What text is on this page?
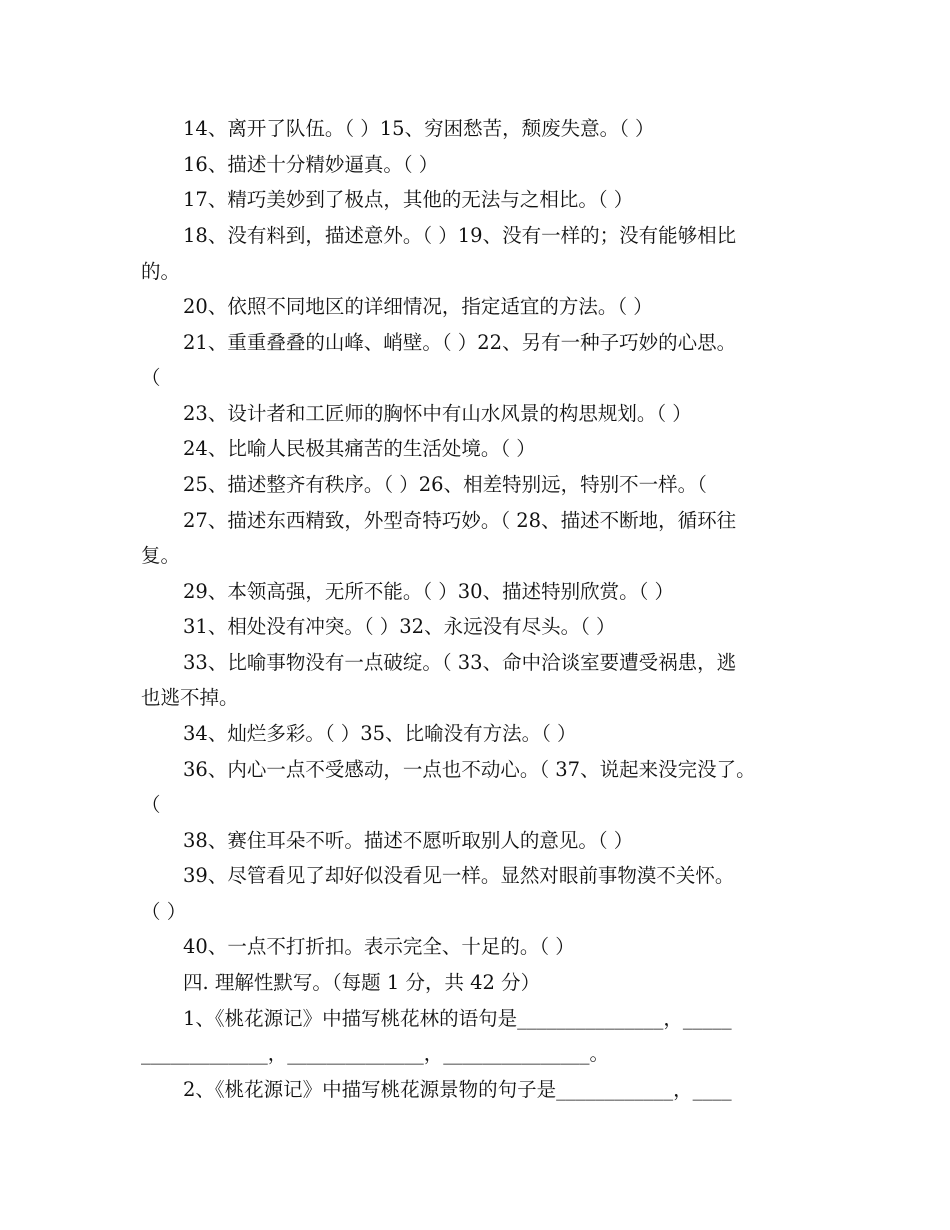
14、离开了队伍。（ ）15、穷困愁苦，颓废失意。（ ）
16、描述十分精妙逼真。（ ）
17、精巧美妙到了极点，其他的无法与之相比。（ ）
18、没有料到，描述意外。（ ）19、没有一样的；没有能够相比
的。
20、依照不同地区的详细情况，指定适宜的方法。（ ）
21、重重叠叠的山峰、峭壁。（ ）22、另有一种子巧妙的心思。
（
23、设计者和工匠师的胸怀中有山水风景的构思规划。（ ）
24、比喻人民极其痛苦的生活处境。（ ）
25、描述整齐有秩序。（ ）26、相差特别远，特别不一样。（
27、描述东西精致，外型奇特巧妙。（ 28、描述不断地，循环往
复。
29、本领高强，无所不能。（ ）30、描述特别欣赏。（ ）
31、相处没有冲突。（ ）32、永远没有尽头。（ ）
33、比喻事物没有一点破绽。（ 33、命中洽谈室要遭受祸患，逃
也逃不掉。
34、灿烂多彩。（ ）35、比喻没有方法。（ ）
36、内心一点不受感动，一点也不动心。（ 37、说起来没完没了。
（
38、赛住耳朵不听。描述不愿听取别人的意见。（ ）
39、尽管看见了却好似没看见一样。显然对眼前事物漠不关怀。
（ ）
40、一点不打折扣。表示完全、十足的。（ ）
四. 理解性默写。（每题 1 分，共 42 分）
1、《桃花源记》中描写桃花林的语句是_______________，_____
_____________，______________，_______________。
2、《桃花源记》中描写桃花源景物的句子是____________，____
